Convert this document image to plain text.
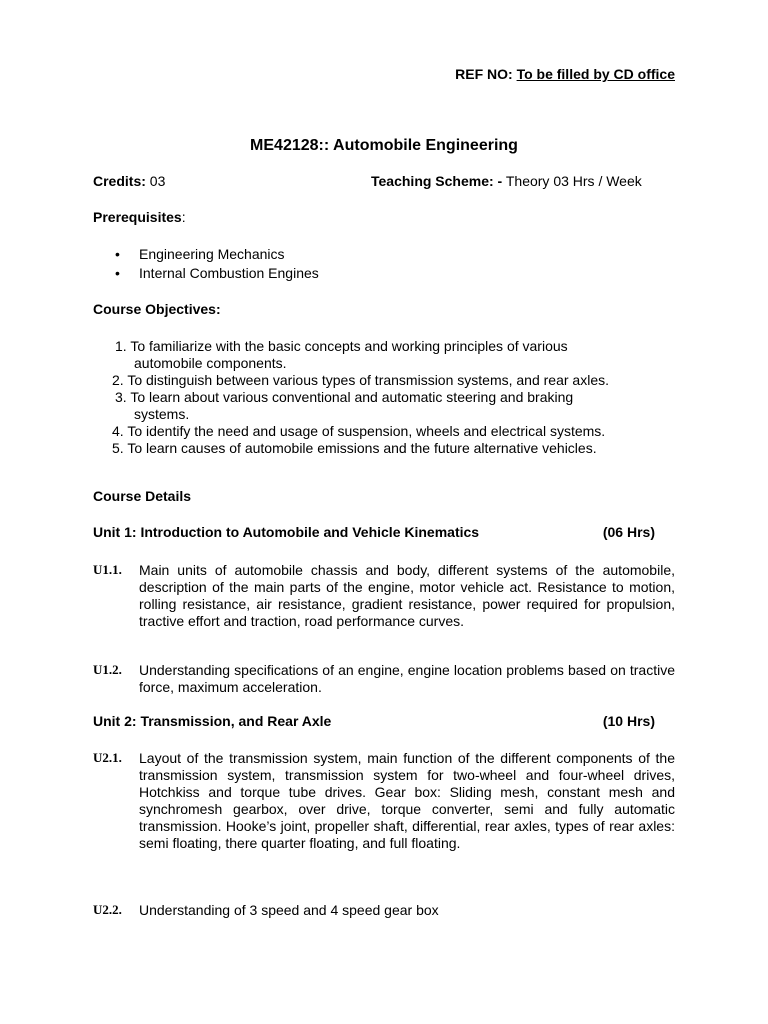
REF NO: To be filled by CD office
ME42128:: Automobile Engineering
Credits: 03	Teaching Scheme: - Theory 03 Hrs / Week
Prerequisites:
• Engineering Mechanics
• Internal Combustion Engines
Course Objectives:
1. To familiarize with the basic concepts and working principles of various
automobile components.
2. To distinguish between various types of transmission systems, and rear axles.
3. To learn about various conventional and automatic steering and braking
systems.
4. To identify the need and usage of suspension, wheels and electrical systems.
5. To learn causes of automobile emissions and the future alternative vehicles.
Course Details
Unit 1: Introduction to Automobile and Vehicle Kinematics	(06 Hrs)
U1.1. Main units of automobile chassis and body, different systems of the automobile, description of the main parts of the engine, motor vehicle act. Resistance to motion, rolling resistance, air resistance, gradient resistance, power required for propulsion, tractive effort and traction, road performance curves.
U1.2. Understanding specifications of an engine, engine location problems based on tractive force, maximum acceleration.
Unit 2: Transmission, and Rear Axle	(10 Hrs)
U2.1. Layout of the transmission system, main function of the different components of the transmission system, transmission system for two-wheel and four-wheel drives, Hotchkiss and torque tube drives. Gear box: Sliding mesh, constant mesh and synchromesh gearbox, over drive, torque converter, semi and fully automatic transmission. Hooke’s joint, propeller shaft, differential, rear axles, types of rear axles: semi floating, there quarter floating, and full floating.
U2.2. Understanding of 3 speed and 4 speed gear box
